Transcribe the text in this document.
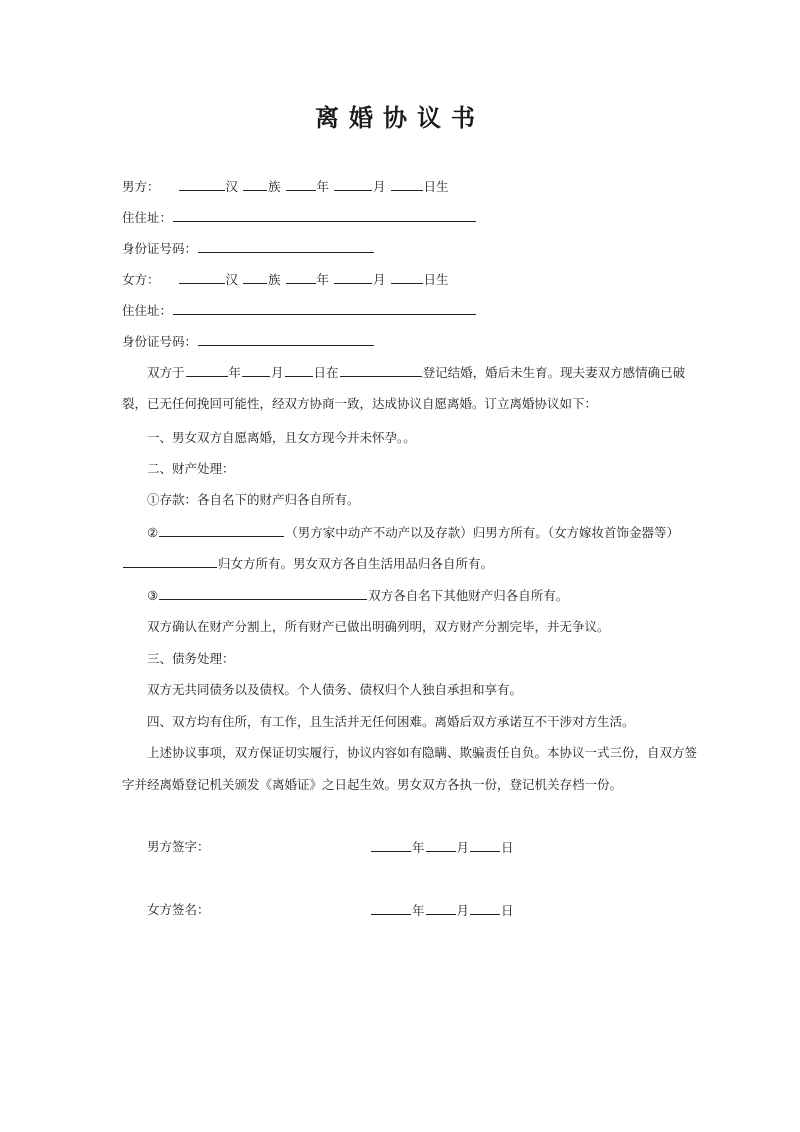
离婚协议书
男方：	汉 族	年	月	日生
住住址：
身份证号码：
女方：	汉 族	年	月	日生
住住址：
身份证号码：
双方于	年 月 日在	登记结婚，婚后未生育。现夫妻双方感情确已破
裂，已无任何挽回可能性，经双方协商一致，达成协议自愿离婚。订立离婚协议如下：
一、男女双方自愿离婚，且女方现今并未怀孕。。
二、财产处理：
①存款：各自名下的财产归各自所有。
②	（男方家中动产不动产以及存款）归男方所有。（女方嫁妆首饰金器等）
归女方所有。男女双方各自生活用品归各自所有。
③	双方各自名下其他财产归各自所有。
双方确认在财产分割上，所有财产已做出明确列明，双方财产分割完毕，并无争议。
三、债务处理：
双方无共同债务以及债权。个人债务、债权归个人独自承担和享有。
四、双方均有住所，有工作，且生活并无任何困难。离婚后双方承诺互不干涉对方生活。
上述协议事项，双方保证切实履行，协议内容如有隐瞒、欺骗责任自负。本协议一式三份，自双方签
字并经离婚登记机关颁发《离婚证》之日起生效。男女双方各执一份，登记机关存档一份。
男方签字：	年	月	日
女方签名：	年	月	日
